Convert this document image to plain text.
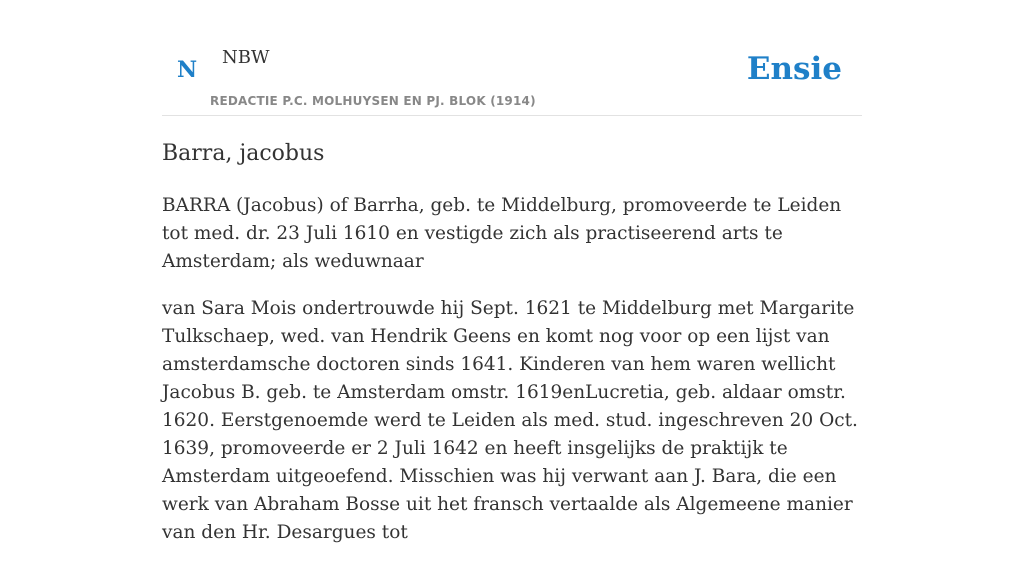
N NBW
REDACTIE P.C. MOLHUYSEN EN PJ. BLOK (1914)
Ensie
Barra, jacobus

BARRA (Jacobus) of Barrha, geb. te Middelburg, promoveerde te Leiden tot med. dr. 23 Juli 1610 en vestigde zich als practiseerend arts te Amsterdam; als weduwnaar

van Sara Mois ondertrouwde hij Sept. 1621 te Middelburg met Margarite Tulkschaep, wed. van Hendrik Geens en komt nog voor op een lijst van amsterdamsche doctoren sinds 1641. Kinderen van hem waren wellicht Jacobus B. geb. te Amsterdam omstr. 1619enLucretia, geb. aldaar omstr. 1620. Eerstgenoemde werd te Leiden als med. stud. ingeschreven 20 Oct. 1639, promoveerde er 2 Juli 1642 en heeft insgelijks de praktijk te Amsterdam uitgeoefend. Misschien was hij verwant aan J. Bara, die een werk van Abraham Bosse uit het fransch vertaalde als Algemeene manier van den Hr. Desargues tot
